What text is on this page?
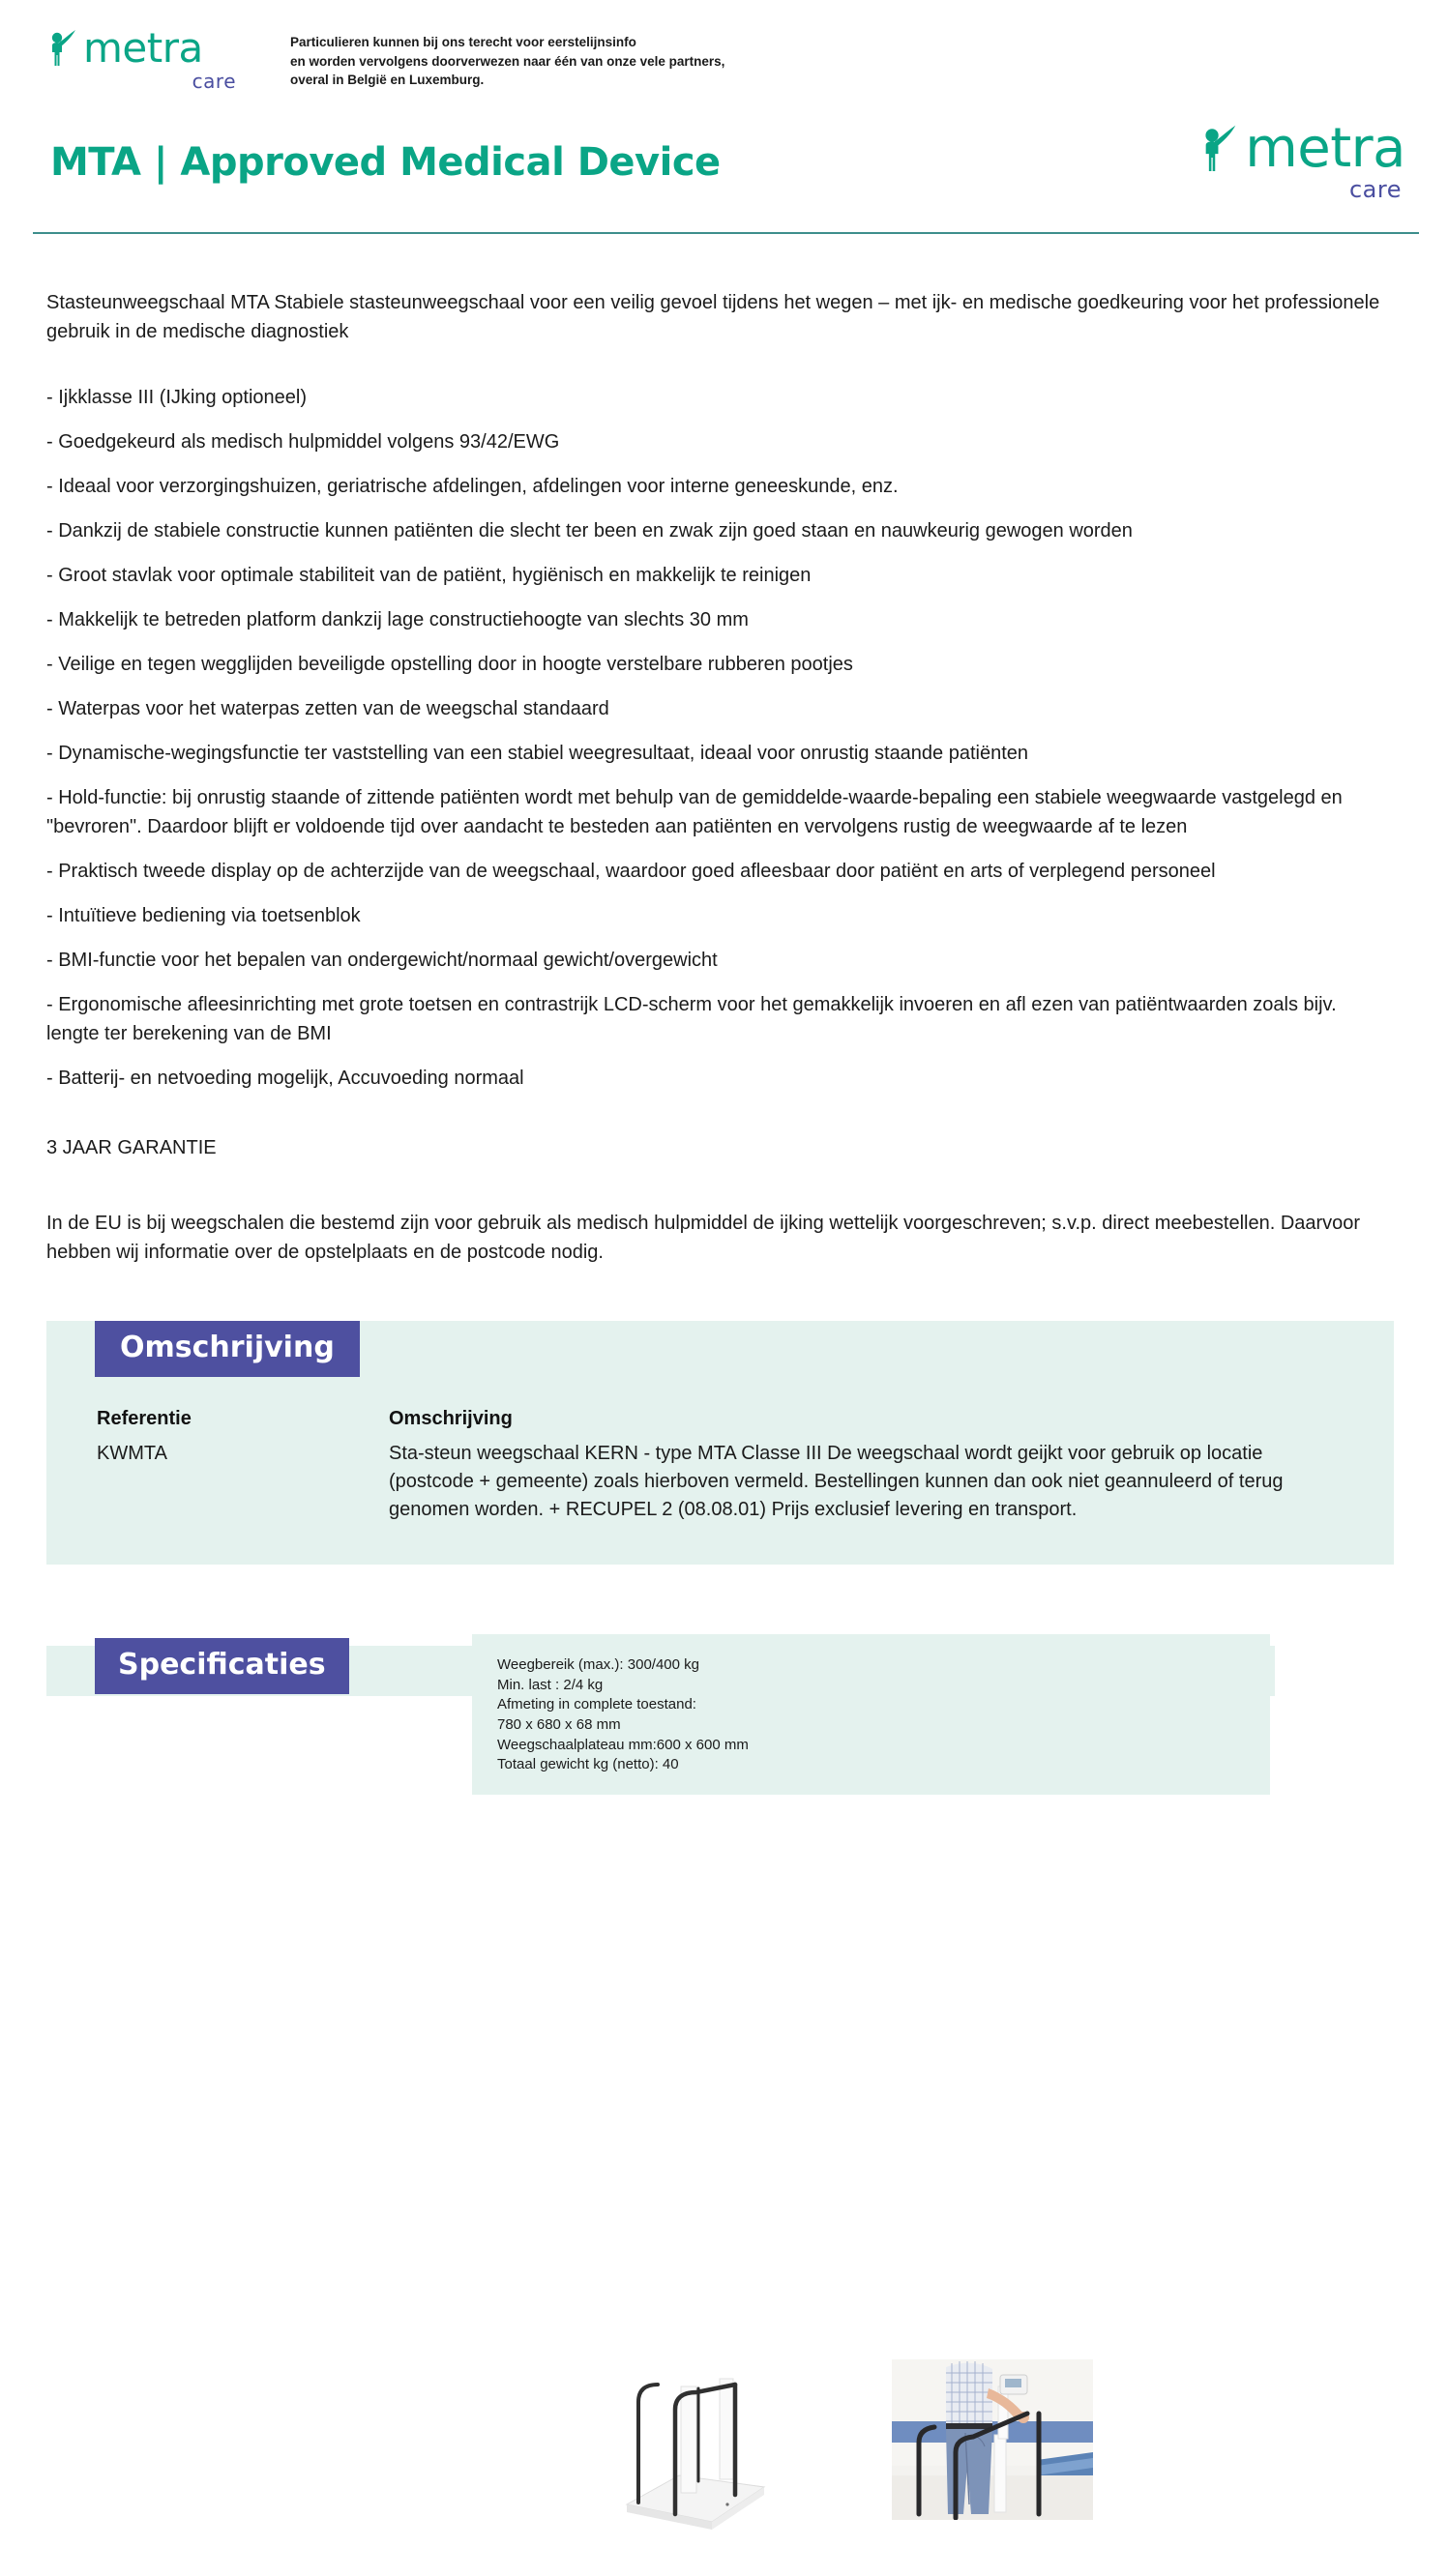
metra
care
Particulieren kunnen bij ons terecht voor eerstelijnsinfo
en worden vervolgens doorverwezen naar één van onze vele partners,
overal in België en Luxemburg.
MTA | Approved Medical Device	metra
care

Stasteunweegschaal MTA Stabiele stasteunweegschaal voor een veilig gevoel tijdens het wegen – met ijk- en medische goedkeuring voor het professionele gebruik in de medische diagnostiek

- Ijkklasse III (IJking optioneel)

- Goedgekeurd als medisch hulpmiddel volgens 93/42/EWG

- Ideaal voor verzorgingshuizen, geriatrische afdelingen, afdelingen voor interne geneeskunde, enz.

- Dankzij de stabiele constructie kunnen patiënten die slecht ter been en zwak zijn goed staan en nauwkeurig gewogen worden

- Groot stavlak voor optimale stabiliteit van de patiënt, hygiënisch en makkelijk te reinigen

- Makkelijk te betreden platform dankzij lage constructiehoogte van slechts 30 mm

- Veilige en tegen wegglijden beveiligde opstelling door in hoogte verstelbare rubberen pootjes

- Waterpas voor het waterpas zetten van de weegschal standaard

- Dynamische-wegingsfunctie ter vaststelling van een stabiel weegresultaat, ideaal voor onrustig staande patiënten

- Hold-functie: bij onrustig staande of zittende patiënten wordt met behulp van de gemiddelde-waarde-bepaling een stabiele weegwaarde vastgelegd en "bevroren". Daardoor blijft er voldoende tijd over aandacht te besteden aan patiënten en vervolgens rustig de weegwaarde af te lezen

- Praktisch tweede display op de achterzijde van de weegschaal, waardoor goed afleesbaar door patiënt en arts of verplegend personeel

- Intuïtieve bediening via toetsenblok

- BMI-functie voor het bepalen van ondergewicht/normaal gewicht/overgewicht

- Ergonomische afleesinrichting met grote toetsen en contrastrijk LCD-scherm voor het gemakkelijk invoeren en afl ezen van patiëntwaarden zoals bijv. lengte ter berekening van de BMI

- Batterij- en netvoeding mogelijk, Accuvoeding normaal

3 JAAR GARANTIE

In de EU is bij weegschalen die bestemd zijn voor gebruik als medisch hulpmiddel de ijking wettelijk voorgeschreven; s.v.p. direct meebestellen. Daarvoor hebben wij informatie over de opstelplaats en de postcode nodig.

Omschrijving
Referentie
KWMTA
Omschrijving
Sta-steun weegschaal KERN - type MTA Classe III De weegschaal wordt geijkt voor gebruik op locatie (postcode + gemeente) zoals hierboven vermeld. Bestellingen kunnen dan ook niet geannuleerd of terug genomen worden. + RECUPEL 2 (08.08.01) Prijs exclusief levering en transport.
Specificaties	Weegbereik (max.): 300/400 kg
Min. last : 2/4 kg
Afmeting in complete toestand:
780 x 680 x 68 mm
Weegschaalplateau mm:600 x 600 mm
Totaal gewicht kg (netto): 40
